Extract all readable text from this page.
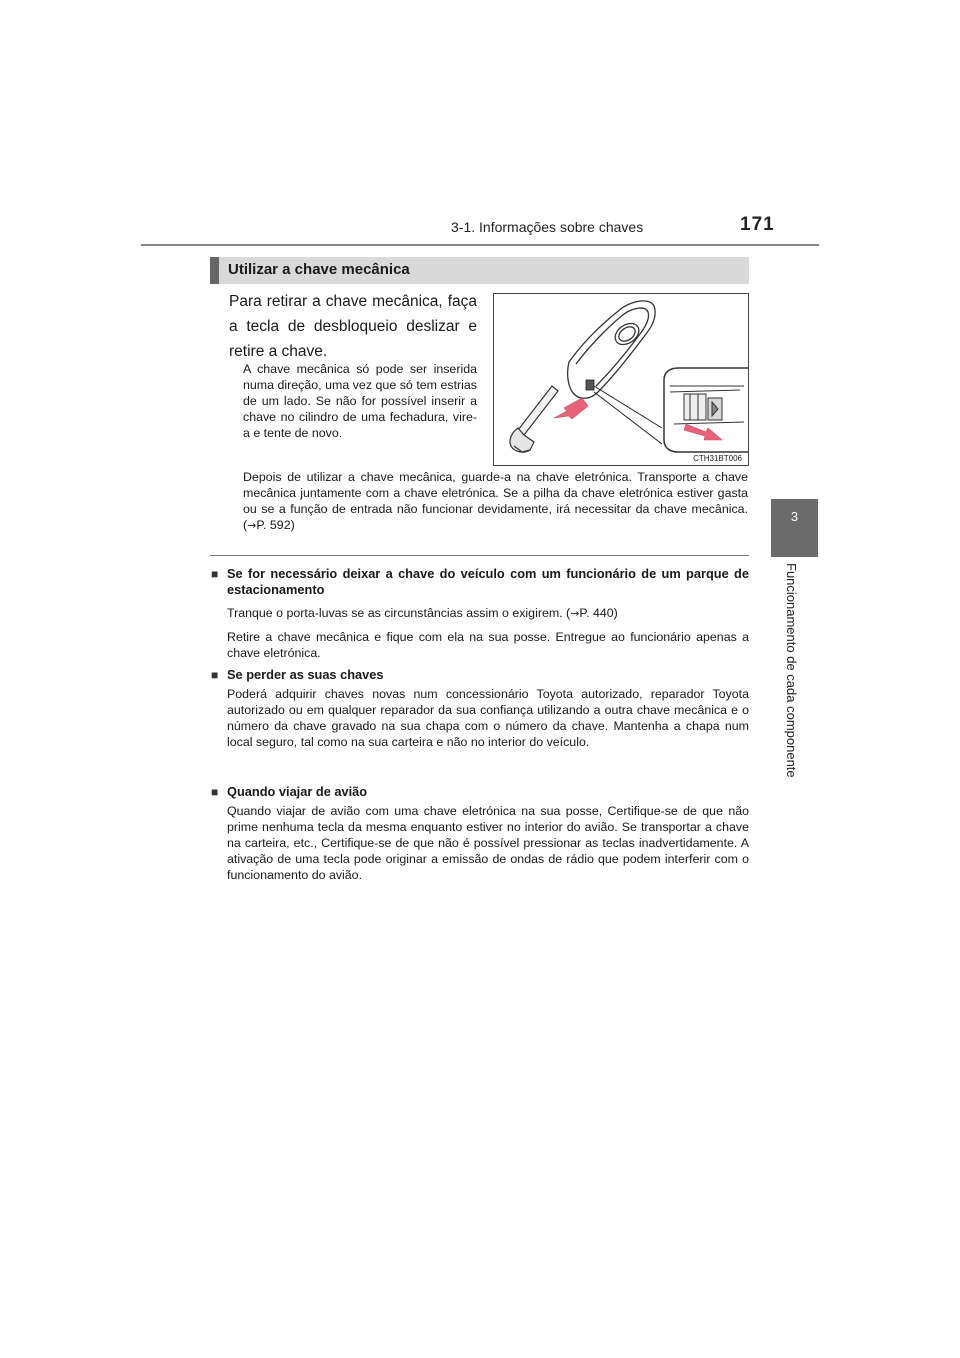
3-1. Informações sobre chaves	171
3
Funcionamento de cada componente
Utilizar a chave mecânica
Para retirar a chave mecânica, faça a tecla de desbloqueio deslizar e retire a chave.
A chave mecânica só pode ser inserida numa direção, uma vez que só tem estrias de um lado. Se não for possível inserir a chave no cilindro de uma fechadura, vire-a e tente de novo.
CTH31BT006
Depois de utilizar a chave mecânica, guarde-a na chave eletrónica. Transporte a chave mecânica juntamente com a chave eletrónica. Se a pilha da chave eletrónica estiver gasta ou se a função de entrada não funcionar devidamente, irá necessitar da chave mecânica. (→P. 592)
■ Se for necessário deixar a chave do veículo com um funcionário de um parque de estacionamento
Tranque o porta-luvas se as circunstâncias assim o exigirem. (→P. 440)
Retire a chave mecânica e fique com ela na sua posse. Entregue ao funcionário apenas a chave eletrónica.
■ Se perder as suas chaves
Poderá adquirir chaves novas num concessionário Toyota autorizado, reparador Toyota autorizado ou em qualquer reparador da sua confiança utilizando a outra chave mecânica e o número da chave gravado na sua chapa com o número da chave. Mantenha a chapa num local seguro, tal como na sua carteira e não no interior do veículo.
■ Quando viajar de avião
Quando viajar de avião com uma chave eletrónica na sua posse, Certifique-se de que não prime nenhuma tecla da mesma enquanto estiver no interior do avião. Se transportar a chave na carteira, etc., Certifique-se de que não é possível pressionar as teclas inadvertidamente. A ativação de uma tecla pode originar a emissão de ondas de rádio que podem interferir com o funcionamento do avião.
